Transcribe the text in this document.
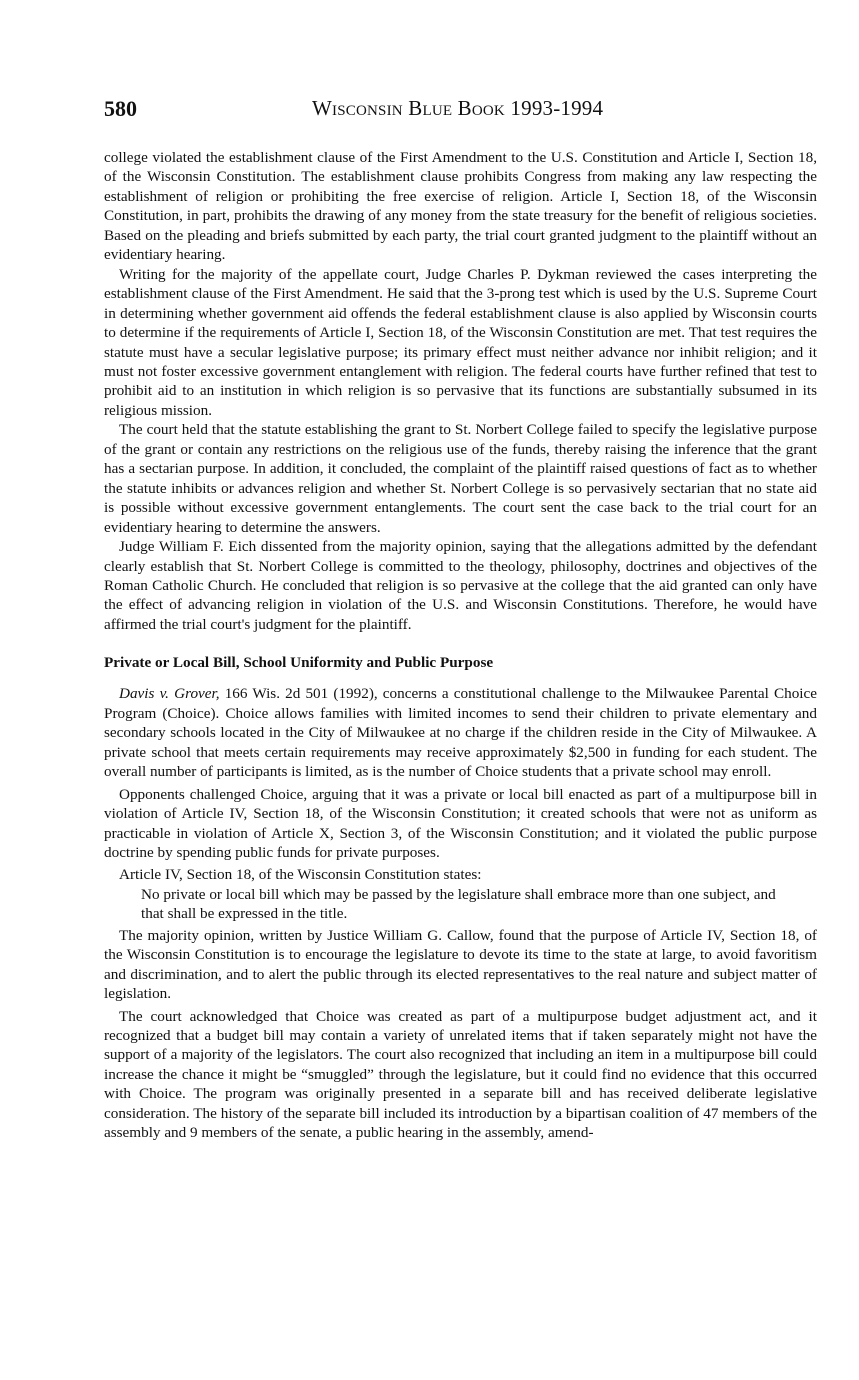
580	Wisconsin Blue Book 1993-1994

college violated the establishment clause of the First Amendment to the U.S. Constitution and Article I, Section 18, of the Wisconsin Constitution. The establishment clause prohibits Congress from making any law respecting the establishment of religion or prohibiting the free exercise of religion. Article I, Section 18, of the Wisconsin Constitution, in part, prohibits the drawing of any money from the state treasury for the benefit of religious societies. Based on the pleading and briefs submitted by each party, the trial court granted judgment to the plaintiff without an evidentiary hearing.

Writing for the majority of the appellate court, Judge Charles P. Dykman reviewed the cases interpreting the establishment clause of the First Amendment. He said that the 3-prong test which is used by the U.S. Supreme Court in determining whether government aid offends the federal establishment clause is also applied by Wisconsin courts to determine if the requirements of Article I, Section 18, of the Wisconsin Constitution are met. That test requires the statute must have a secular legislative purpose; its primary effect must neither advance nor inhibit religion; and it must not foster excessive government entanglement with religion. The federal courts have further refined that test to prohibit aid to an institution in which religion is so pervasive that its functions are substantially subsumed in its religious mission.

The court held that the statute establishing the grant to St. Norbert College failed to specify the legislative purpose of the grant or contain any restrictions on the religious use of the funds, thereby raising the inference that the grant has a sectarian purpose. In addition, it concluded, the complaint of the plaintiff raised questions of fact as to whether the statute inhibits or advances religion and whether St. Norbert College is so pervasively sectarian that no state aid is possible without excessive government entanglements. The court sent the case back to the trial court for an evidentiary hearing to determine the answers.

Judge William F. Eich dissented from the majority opinion, saying that the allegations admitted by the defendant clearly establish that St. Norbert College is committed to the theology, philosophy, doctrines and objectives of the Roman Catholic Church. He concluded that religion is so pervasive at the college that the aid granted can only have the effect of advancing religion in violation of the U.S. and Wisconsin Constitutions. Therefore, he would have affirmed the trial court's judgment for the plaintiff.

Private or Local Bill, School Uniformity and Public Purpose

Davis v. Grover, 166 Wis. 2d 501 (1992), concerns a constitutional challenge to the Milwaukee Parental Choice Program (Choice). Choice allows families with limited incomes to send their children to private elementary and secondary schools located in the City of Milwaukee at no charge if the children reside in the City of Milwaukee. A private school that meets certain requirements may receive approximately $2,500 in funding for each student. The overall number of participants is limited, as is the number of Choice students that a private school may enroll.

Opponents challenged Choice, arguing that it was a private or local bill enacted as part of a multipurpose bill in violation of Article IV, Section 18, of the Wisconsin Constitution; it created schools that were not as uniform as practicable in violation of Article X, Section 3, of the Wisconsin Constitution; and it violated the public purpose doctrine by spending public funds for private purposes.

Article IV, Section 18, of the Wisconsin Constitution states:

No private or local bill which may be passed by the legislature shall embrace more than one subject, and that shall be expressed in the title.

The majority opinion, written by Justice William G. Callow, found that the purpose of Article IV, Section 18, of the Wisconsin Constitution is to encourage the legislature to devote its time to the state at large, to avoid favoritism and discrimination, and to alert the public through its elected representatives to the real nature and subject matter of legislation.

The court acknowledged that Choice was created as part of a multipurpose budget adjustment act, and it recognized that a budget bill may contain a variety of unrelated items that if taken separately might not have the support of a majority of the legislators. The court also recognized that including an item in a multipurpose bill could increase the chance it might be “smuggled” through the legislature, but it could find no evidence that this occurred with Choice. The program was originally presented in a separate bill and has received deliberate legislative consideration. The history of the separate bill included its introduction by a bipartisan coalition of 47 members of the assembly and 9 members of the senate, a public hearing in the assembly, amend-
